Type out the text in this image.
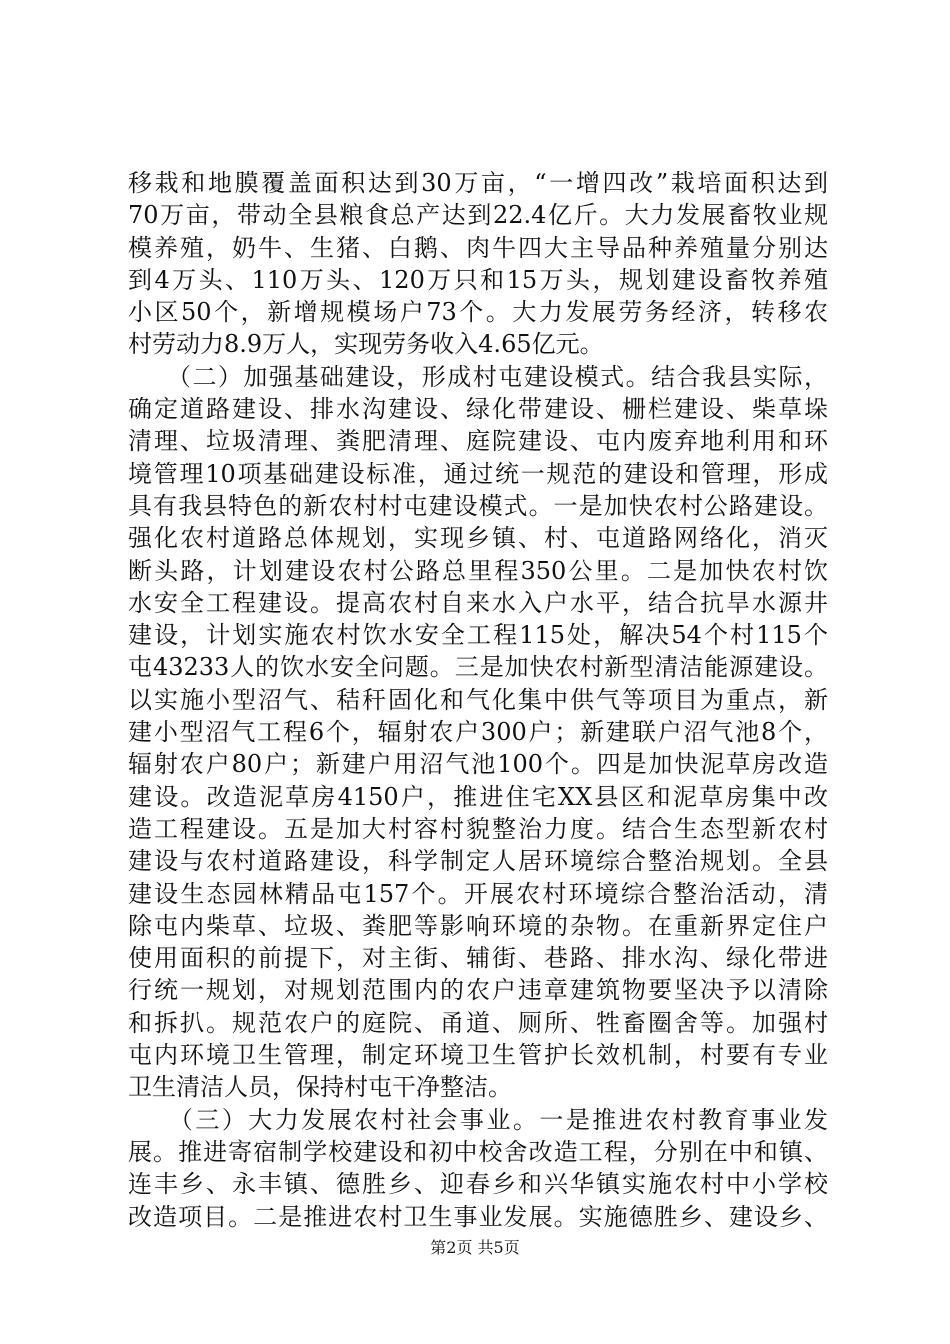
移栽和地膜覆盖面积达到30万亩，“一增四改”栽培面积达到
70万亩，带动全县粮食总产达到22.4亿斤。大力发展畜牧业规
模养殖，奶牛、生猪、白鹅、肉牛四大主导品种养殖量分别达
到4万头、110万头、120万只和15万头，规划建设畜牧养殖
小区50个，新增规模场户73个。大力发展劳务经济，转移农
村劳动力8.9万人，实现劳务收入4.65亿元。
　　（二）加强基础建设，形成村屯建设模式。结合我县实际，
确定道路建设、排水沟建设、绿化带建设、栅栏建设、柴草垛
清理、垃圾清理、粪肥清理、庭院建设、屯内废弃地利用和环
境管理10项基础建设标准，通过统一规范的建设和管理，形成
具有我县特色的新农村村屯建设模式。一是加快农村公路建设。
强化农村道路总体规划，实现乡镇、村、屯道路网络化，消灭
断头路，计划建设农村公路总里程350公里。二是加快农村饮
水安全工程建设。提高农村自来水入户水平，结合抗旱水源井
建设，计划实施农村饮水安全工程115处，解决54个村115个
屯43233人的饮水安全问题。三是加快农村新型清洁能源建设。
以实施小型沼气、秸秆固化和气化集中供气等项目为重点，新
建小型沼气工程6个，辐射农户300户；新建联户沼气池8个，
辐射农户80户；新建户用沼气池100个。四是加快泥草房改造
建设。改造泥草房4150户，推进住宅XX县区和泥草房集中改
造工程建设。五是加大村容村貌整治力度。结合生态型新农村
建设与农村道路建设，科学制定人居环境综合整治规划。全县
建设生态园林精品屯157个。开展农村环境综合整治活动，清
除屯内柴草、垃圾、粪肥等影响环境的杂物。在重新界定住户
使用面积的前提下，对主街、辅街、巷路、排水沟、绿化带进
行统一规划，对规划范围内的农户违章建筑物要坚决予以清除
和拆扒。规范农户的庭院、甬道、厕所、牲畜圈舍等。加强村
屯内环境卫生管理，制定环境卫生管护长效机制，村要有专业
卫生清洁人员，保持村屯干净整洁。
　　（三）大力发展农村社会事业。一是推进农村教育事业发
展。推进寄宿制学校建设和初中校舍改造工程，分别在中和镇、
连丰乡、永丰镇、德胜乡、迎春乡和兴华镇实施农村中小学校
改造项目。二是推进农村卫生事业发展。实施德胜乡、建设乡、
第2页 共5页
